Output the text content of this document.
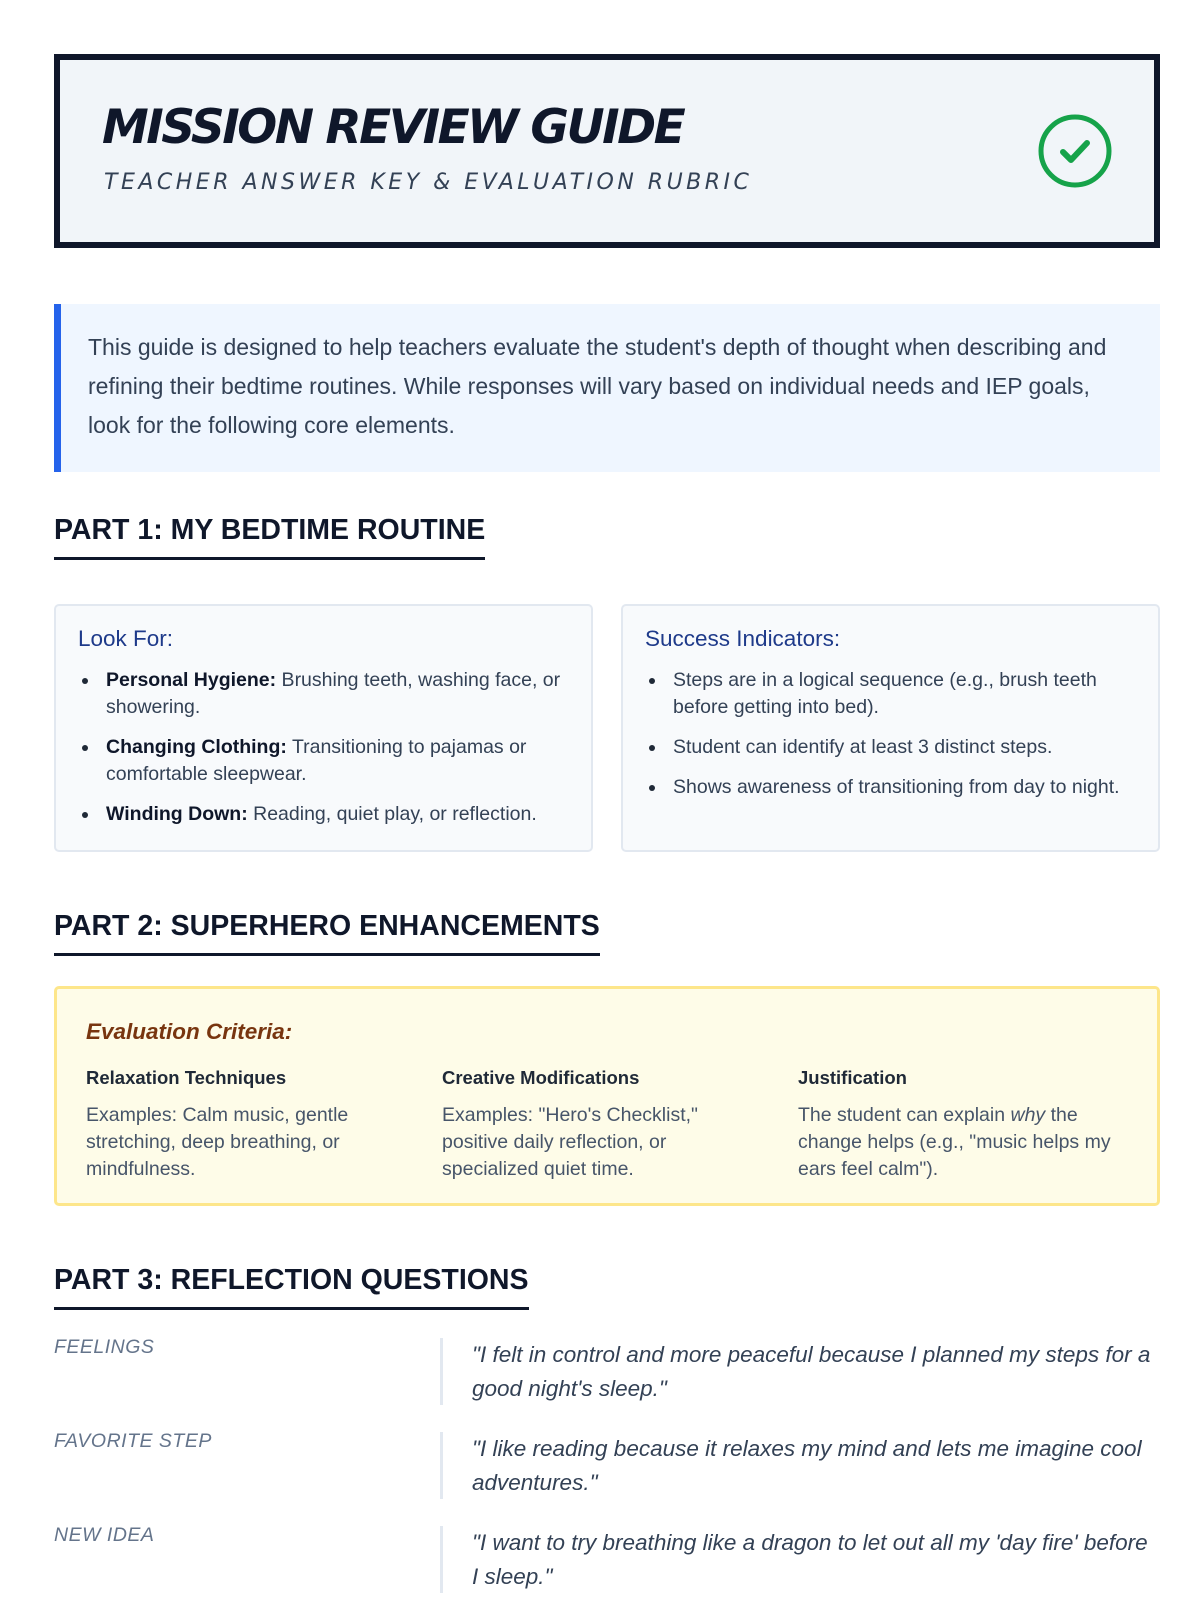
MISSION REVIEW GUIDE
TEACHER ANSWER KEY & EVALUATION RUBRIC

This guide is designed to help teachers evaluate the student's depth of thought when describing and refining their bedtime routines. While responses will vary based on individual needs and IEP goals, look for the following core elements.

PART 1: MY BEDTIME ROUTINE
Look For:
Personal Hygiene: Brushing teeth, washing face, or showering.
Changing Clothing: Transitioning to pajamas or comfortable sleepwear.
Winding Down: Reading, quiet play, or reflection.
Success Indicators:
Steps are in a logical sequence (e.g., brush teeth before getting into bed).
Student can identify at least 3 distinct steps.
Shows awareness of transitioning from day to night.
PART 2: SUPERHERO ENHANCEMENTS
Evaluation Criteria:
Relaxation Techniques
Examples: Calm music, gentle stretching, deep breathing, or mindfulness.
Creative Modifications
Examples: "Hero's Checklist," positive daily reflection, or specialized quiet time.
Justification
The student can explain why the change helps (e.g., "music helps my ears feel calm").
PART 3: REFLECTION QUESTIONS
FEELINGS	"I felt in control and more peaceful because I planned my steps for a good night's sleep."
FAVORITE STEP	"I like reading because it relaxes my mind and lets me imagine cool adventures."
NEW IDEA	"I want to try breathing like a dragon to let out all my 'day fire' before I sleep."
